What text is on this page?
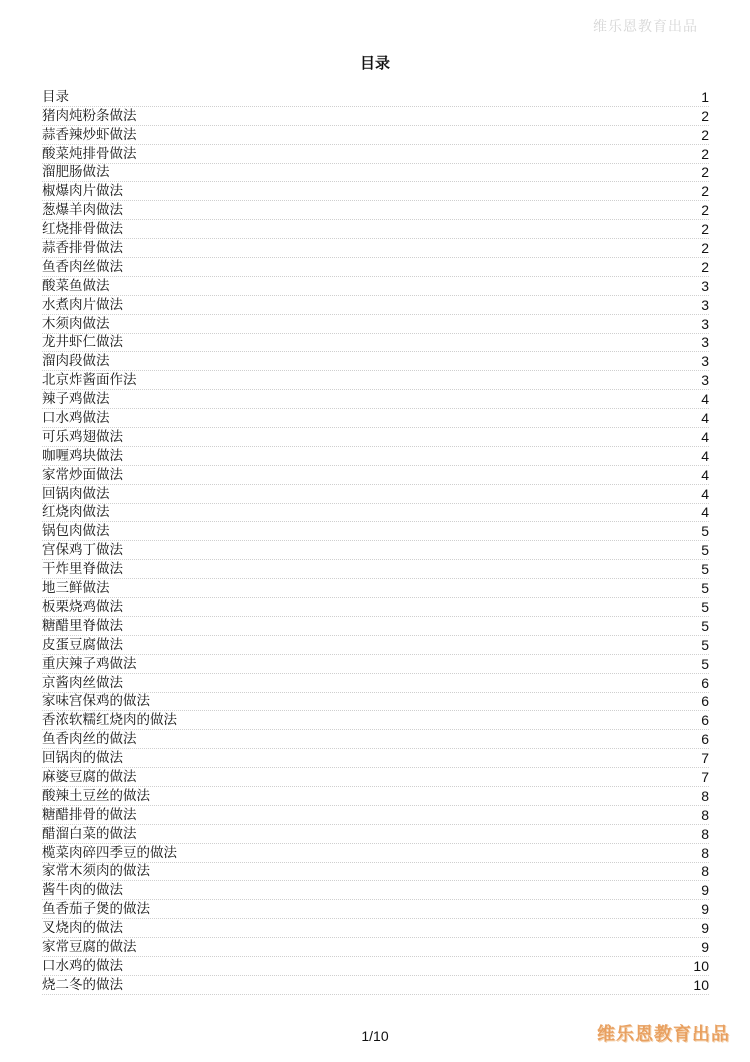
维乐恩教育出品
目录
目录	1
猪肉炖粉条做法	2
蒜香辣炒虾做法	2
酸菜炖排骨做法	2
溜肥肠做法	2
椒爆肉片做法	2
葱爆羊肉做法	2
红烧排骨做法	2
蒜香排骨做法	2
鱼香肉丝做法	2
酸菜鱼做法	3
水煮肉片做法	3
木须肉做法	3
龙井虾仁做法	3
溜肉段做法	3
北京炸酱面作法	3
辣子鸡做法	4
口水鸡做法	4
可乐鸡翅做法	4
咖喱鸡块做法	4
家常炒面做法	4
回锅肉做法	4
红烧肉做法	4
锅包肉做法	5
宫保鸡丁做法	5
干炸里脊做法	5
地三鲜做法	5
板栗烧鸡做法	5
糖醋里脊做法	5
皮蛋豆腐做法	5
重庆辣子鸡做法	5
京酱肉丝做法	6
家味宫保鸡的做法	6
香浓软糯红烧肉的做法	6
鱼香肉丝的做法	6
回锅肉的做法	7
麻婆豆腐的做法	7
酸辣土豆丝的做法	8
糖醋排骨的做法	8
醋溜白菜的做法	8
榄菜肉碎四季豆的做法	8
家常木须肉的做法	8
酱牛肉的做法	9
鱼香茄子煲的做法	9
叉烧肉的做法	9
家常豆腐的做法	9
口水鸡的做法	10
烧二冬的做法	10
1/10	维乐恩教育出品
